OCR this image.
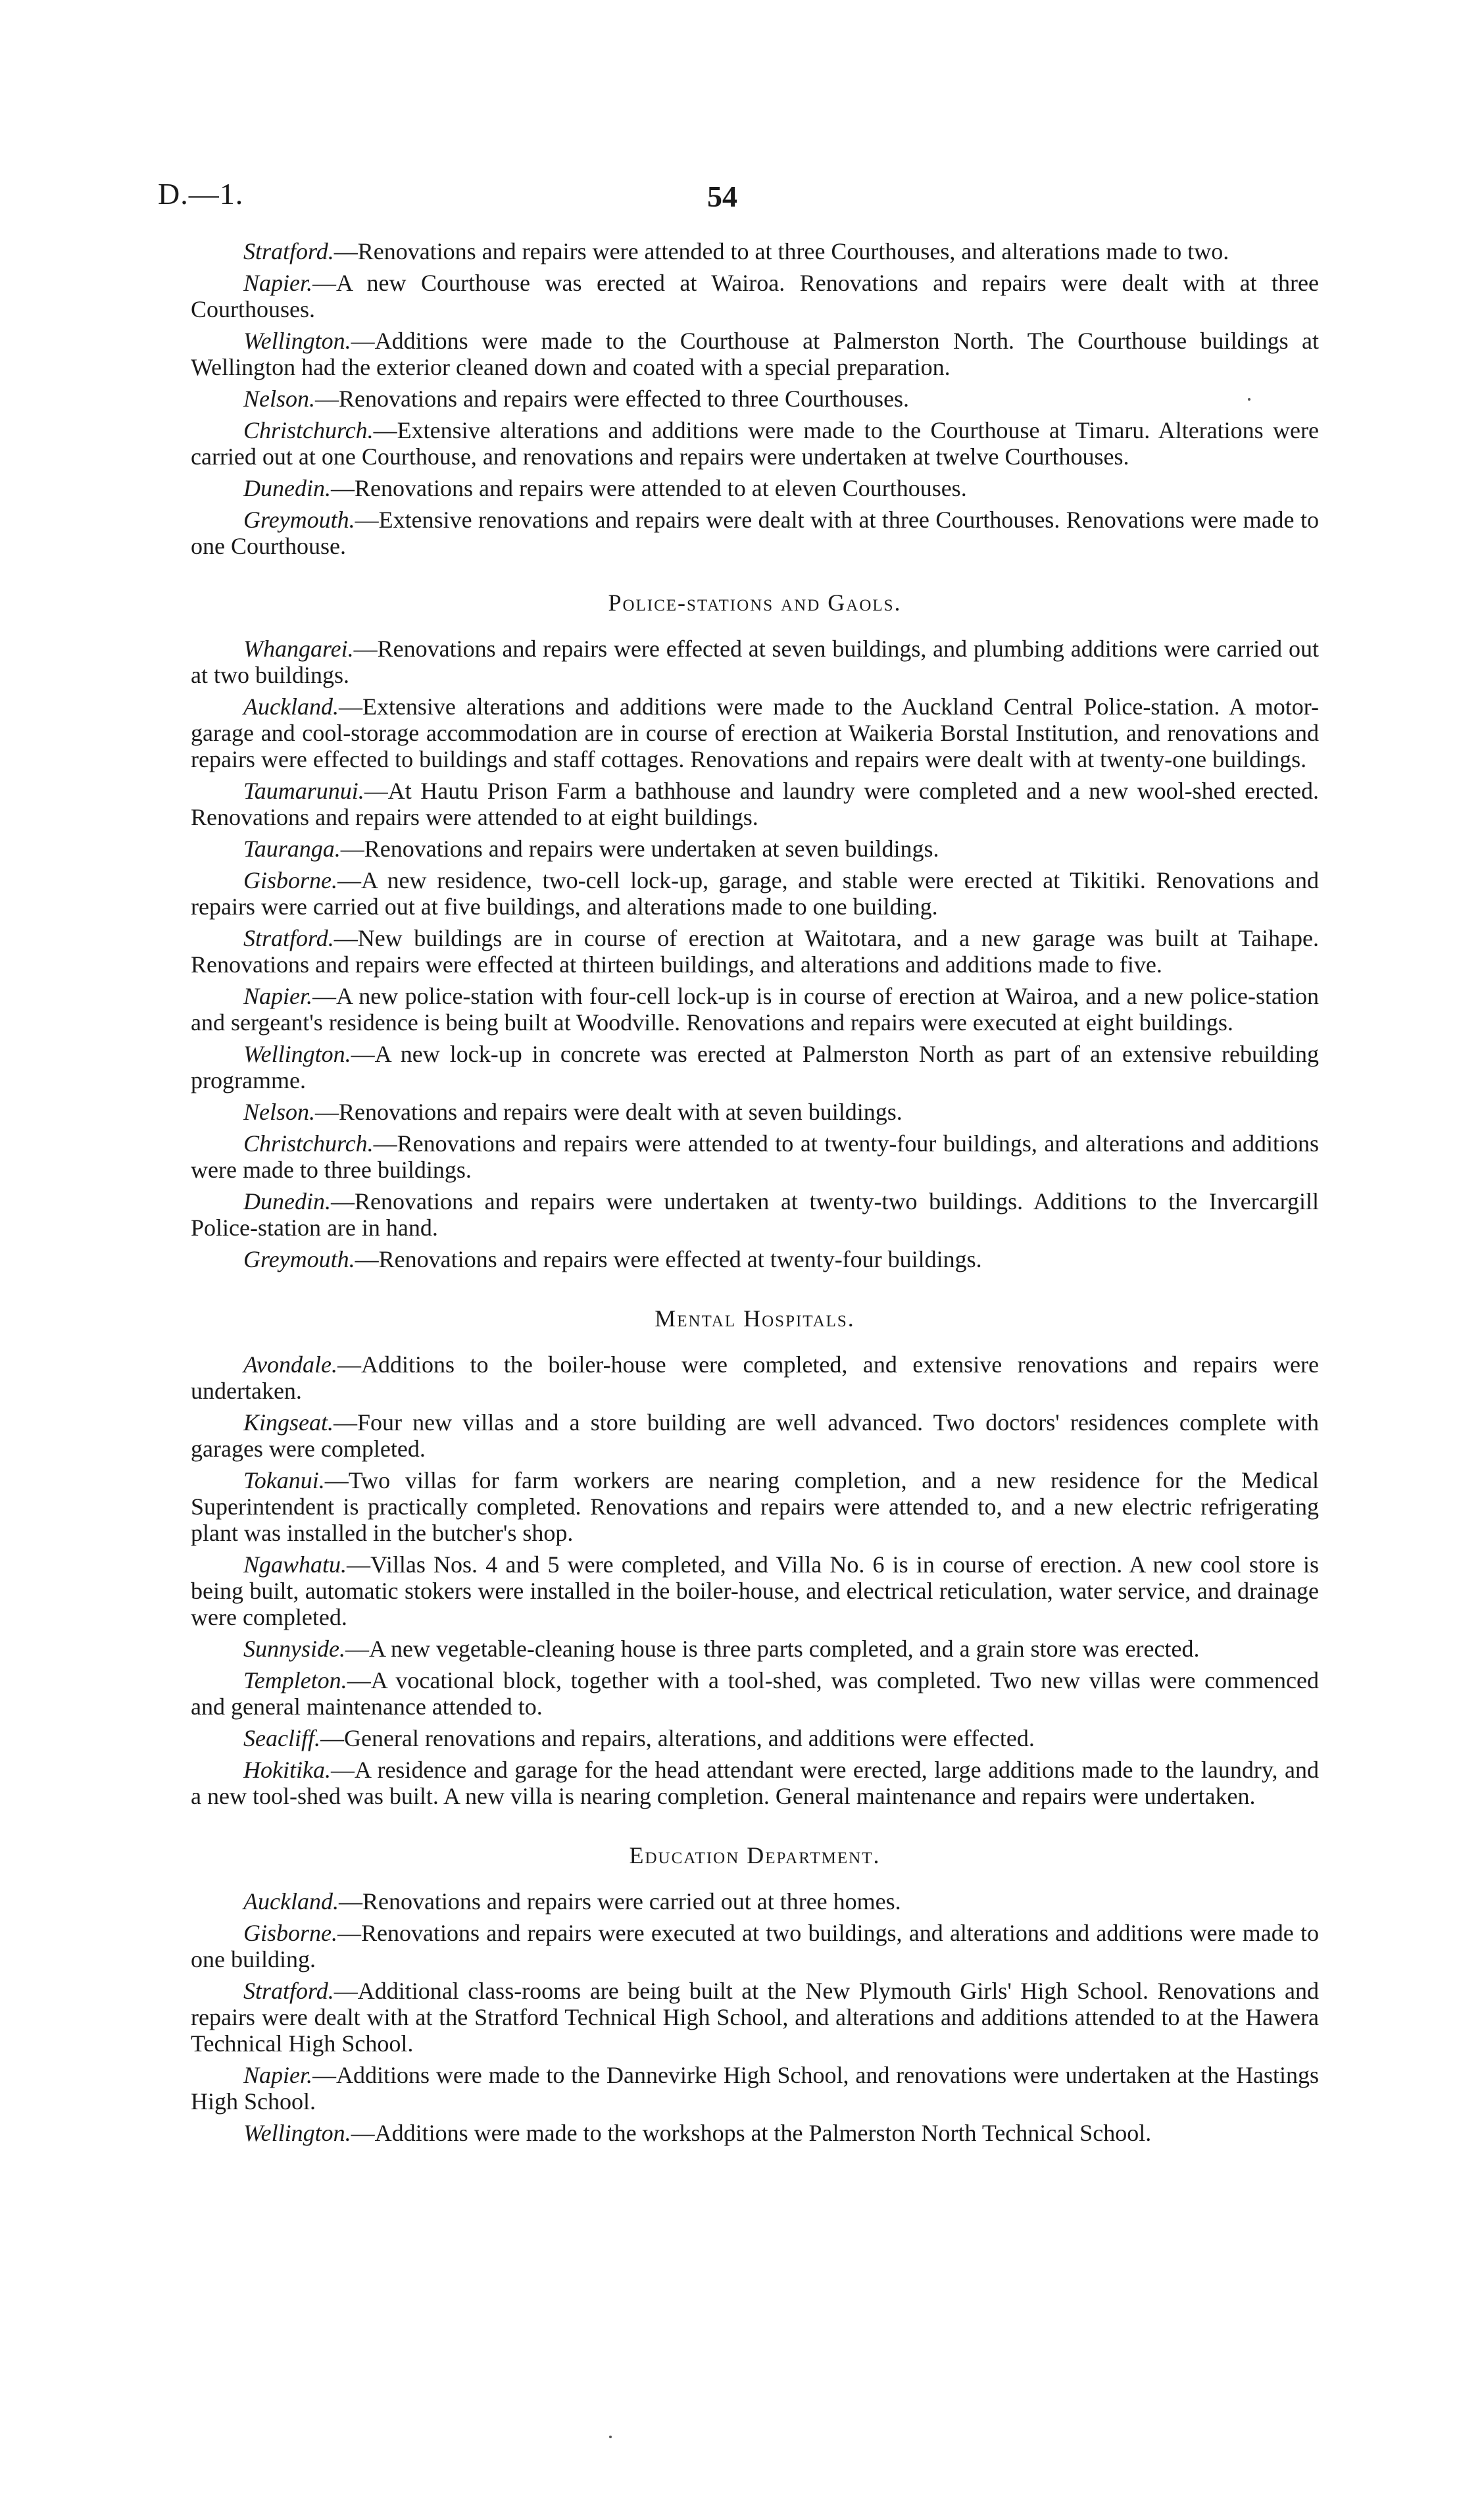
D.—1.	54

Stratford.—Renovations and repairs were attended to at three Courthouses, and alterations made to two.

Napier.—A new Courthouse was erected at Wairoa. Renovations and repairs were dealt with at three Courthouses.

Wellington.—Additions were made to the Courthouse at Palmerston North. The Courthouse buildings at Wellington had the exterior cleaned down and coated with a special preparation.

Nelson.—Renovations and repairs were effected to three Courthouses.

Christchurch.—Extensive alterations and additions were made to the Courthouse at Timaru. Alterations were carried out at one Courthouse, and renovations and repairs were undertaken at twelve Courthouses.

Dunedin.—Renovations and repairs were attended to at eleven Courthouses.

Greymouth.—Extensive renovations and repairs were dealt with at three Courthouses. Renovations were made to one Courthouse.

Police-stations and Gaols.

Whangarei.—Renovations and repairs were effected at seven buildings, and plumbing additions were carried out at two buildings.

Auckland.—Extensive alterations and additions were made to the Auckland Central Police-station. A motor-garage and cool-storage accommodation are in course of erection at Waikeria Borstal Institution, and renovations and repairs were effected to buildings and staff cottages. Renovations and repairs were dealt with at twenty-one buildings.

Taumarunui.—At Hautu Prison Farm a bathhouse and laundry were completed and a new wool-shed erected. Renovations and repairs were attended to at eight buildings.

Tauranga.—Renovations and repairs were undertaken at seven buildings.

Gisborne.—A new residence, two-cell lock-up, garage, and stable were erected at Tikitiki. Renovations and repairs were carried out at five buildings, and alterations made to one building.

Stratford.—New buildings are in course of erection at Waitotara, and a new garage was built at Taihape. Renovations and repairs were effected at thirteen buildings, and alterations and additions made to five.

Napier.—A new police-station with four-cell lock-up is in course of erection at Wairoa, and a new police-station and sergeant's residence is being built at Woodville. Renovations and repairs were executed at eight buildings.

Wellington.—A new lock-up in concrete was erected at Palmerston North as part of an extensive rebuilding programme.

Nelson.—Renovations and repairs were dealt with at seven buildings.

Christchurch.—Renovations and repairs were attended to at twenty-four buildings, and alterations and additions were made to three buildings.

Dunedin.—Renovations and repairs were undertaken at twenty-two buildings. Additions to the Invercargill Police-station are in hand.

Greymouth.—Renovations and repairs were effected at twenty-four buildings.

Mental Hospitals.

Avondale.—Additions to the boiler-house were completed, and extensive renovations and repairs were undertaken.

Kingseat.—Four new villas and a store building are well advanced. Two doctors' residences complete with garages were completed.

Tokanui.—Two villas for farm workers are nearing completion, and a new residence for the Medical Superintendent is practically completed. Renovations and repairs were attended to, and a new electric refrigerating plant was installed in the butcher's shop.

Ngawhatu.—Villas Nos. 4 and 5 were completed, and Villa No. 6 is in course of erection. A new cool store is being built, automatic stokers were installed in the boiler-house, and electrical reticulation, water service, and drainage were completed.

Sunnyside.—A new vegetable-cleaning house is three parts completed, and a grain store was erected.

Templeton.—A vocational block, together with a tool-shed, was completed. Two new villas were commenced and general maintenance attended to.

Seacliff.—General renovations and repairs, alterations, and additions were effected.

Hokitika.—A residence and garage for the head attendant were erected, large additions made to the laundry, and a new tool-shed was built. A new villa is nearing completion. General maintenance and repairs were undertaken.

Education Department.

Auckland.—Renovations and repairs were carried out at three homes.

Gisborne.—Renovations and repairs were executed at two buildings, and alterations and additions were made to one building.

Stratford.—Additional class-rooms are being built at the New Plymouth Girls' High School. Renovations and repairs were dealt with at the Stratford Technical High School, and alterations and additions attended to at the Hawera Technical High School.

Napier.—Additions were made to the Dannevirke High School, and renovations were undertaken at the Hastings High School.

Wellington.—Additions were made to the workshops at the Palmerston North Technical School.
